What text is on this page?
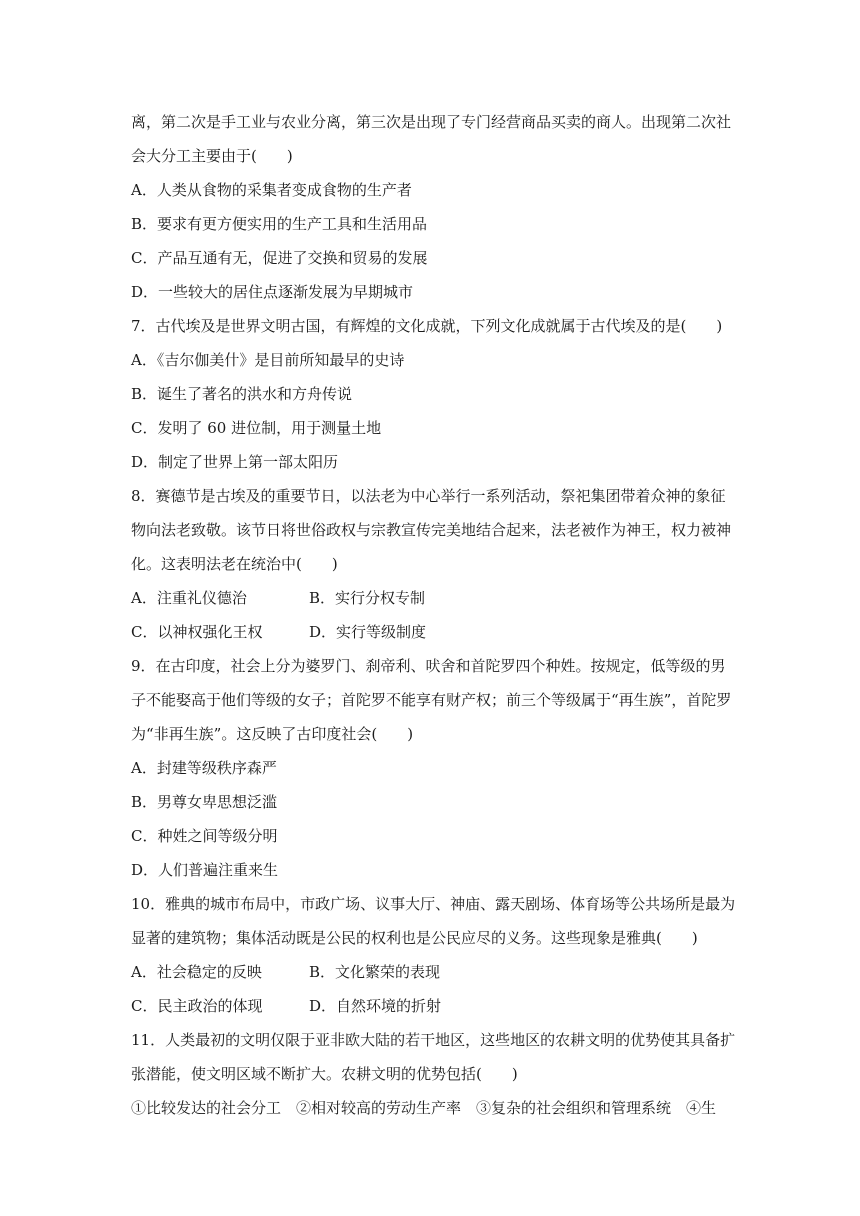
离，第二次是手工业与农业分离，第三次是出现了专门经营商品买卖的商人。出现第二次社
会大分工主要由于(　　)
A．人类从食物的采集者变成食物的生产者
B．要求有更方便实用的生产工具和生活用品
C．产品互通有无，促进了交换和贸易的发展
D．一些较大的居住点逐渐发展为早期城市
7．古代埃及是世界文明古国，有辉煌的文化成就，下列文化成就属于古代埃及的是(　　)
A．《吉尔伽美什》是目前所知最早的史诗
B．诞生了著名的洪水和方舟传说
C．发明了 60 进位制，用于测量土地
D．制定了世界上第一部太阳历
8．赛德节是古埃及的重要节日，以法老为中心举行一系列活动，祭祀集团带着众神的象征
物向法老致敬。该节日将世俗政权与宗教宣传完美地结合起来，法老被作为神王，权力被神
化。这表明法老在统治中(　　)
A．注重礼仪德治	B．实行分权专制
C．以神权强化王权	D．实行等级制度
9．在古印度，社会上分为婆罗门、刹帝利、吠舍和首陀罗四个种姓。按规定，低等级的男
子不能娶高于他们等级的女子；首陀罗不能享有财产权；前三个等级属于“再生族”，首陀罗
为“非再生族”。这反映了古印度社会(　　)
A．封建等级秩序森严
B．男尊女卑思想泛滥
C．种姓之间等级分明
D．人们普遍注重来生
10．雅典的城市布局中，市政广场、议事大厅、神庙、露天剧场、体育场等公共场所是最为
显著的建筑物；集体活动既是公民的权利也是公民应尽的义务。这些现象是雅典(　　)
A．社会稳定的反映	B．文化繁荣的表现
C．民主政治的体现	D．自然环境的折射
11．人类最初的文明仅限于亚非欧大陆的若干地区，这些地区的农耕文明的优势使其具备扩
张潜能，使文明区域不断扩大。农耕文明的优势包括(　　)
①比较发达的社会分工　②相对较高的劳动生产率　③复杂的社会组织和管理系统　④生
